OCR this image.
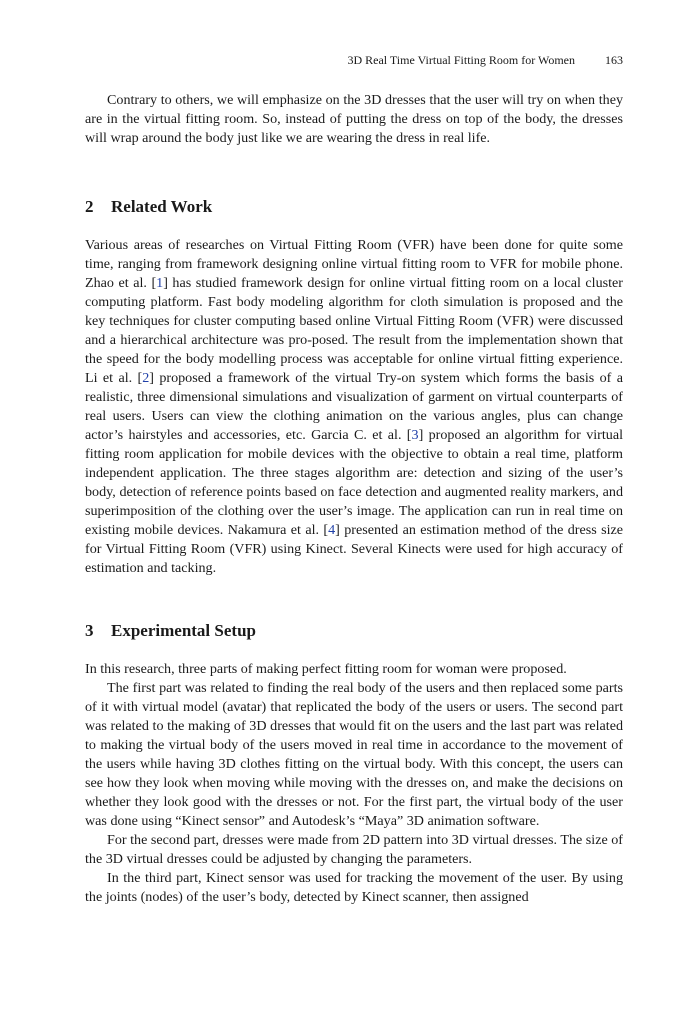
3D Real Time Virtual Fitting Room for Women	163

Contrary to others, we will emphasize on the 3D dresses that the user will try on when they are in the virtual fitting room. So, instead of putting the dress on top of the body, the dresses will wrap around the body just like we are wearing the dress in real life.

2 Related Work

Various areas of researches on Virtual Fitting Room (VFR) have been done for quite some time, ranging from framework designing online virtual fitting room to VFR for mobile phone. Zhao et al. [1] has studied framework design for online virtual fitting room on a local cluster computing platform. Fast body modeling algorithm for cloth simulation is proposed and the key techniques for cluster computing based online Virtual Fitting Room (VFR) were discussed and a hierarchical architecture was pro-posed. The result from the implementation shown that the speed for the body modelling process was acceptable for online virtual fitting experience. Li et al. [2] proposed a framework of the virtual Try-on system which forms the basis of a realistic, three dimensional simulations and visualization of garment on virtual counterparts of real users. Users can view the clothing animation on the various angles, plus can change actor’s hairstyles and accessories, etc. Garcia C. et al. [3] proposed an algorithm for virtual fitting room application for mobile devices with the objective to obtain a real time, platform independent application. The three stages algorithm are: detection and sizing of the user’s body, detection of reference points based on face detection and augmented reality markers, and superimposition of the clothing over the user’s image. The application can run in real time on existing mobile devices. Nakamura et al. [4] presented an estimation method of the dress size for Virtual Fitting Room (VFR) using Kinect. Several Kinects were used for high accuracy of estimation and tacking.

3 Experimental Setup

In this research, three parts of making perfect fitting room for woman were proposed.

The first part was related to finding the real body of the users and then replaced some parts of it with virtual model (avatar) that replicated the body of the users or users. The second part was related to the making of 3D dresses that would fit on the users and the last part was related to making the virtual body of the users moved in real time in accordance to the movement of the users while having 3D clothes fitting on the virtual body. With this concept, the users can see how they look when moving while moving with the dresses on, and make the decisions on whether they look good with the dresses or not. For the first part, the virtual body of the user was done using “Kinect sensor” and Autodesk’s “Maya” 3D animation software.

For the second part, dresses were made from 2D pattern into 3D virtual dresses. The size of the 3D virtual dresses could be adjusted by changing the parameters.

In the third part, Kinect sensor was used for tracking the movement of the user. By using the joints (nodes) of the user’s body, detected by Kinect scanner, then assigned
